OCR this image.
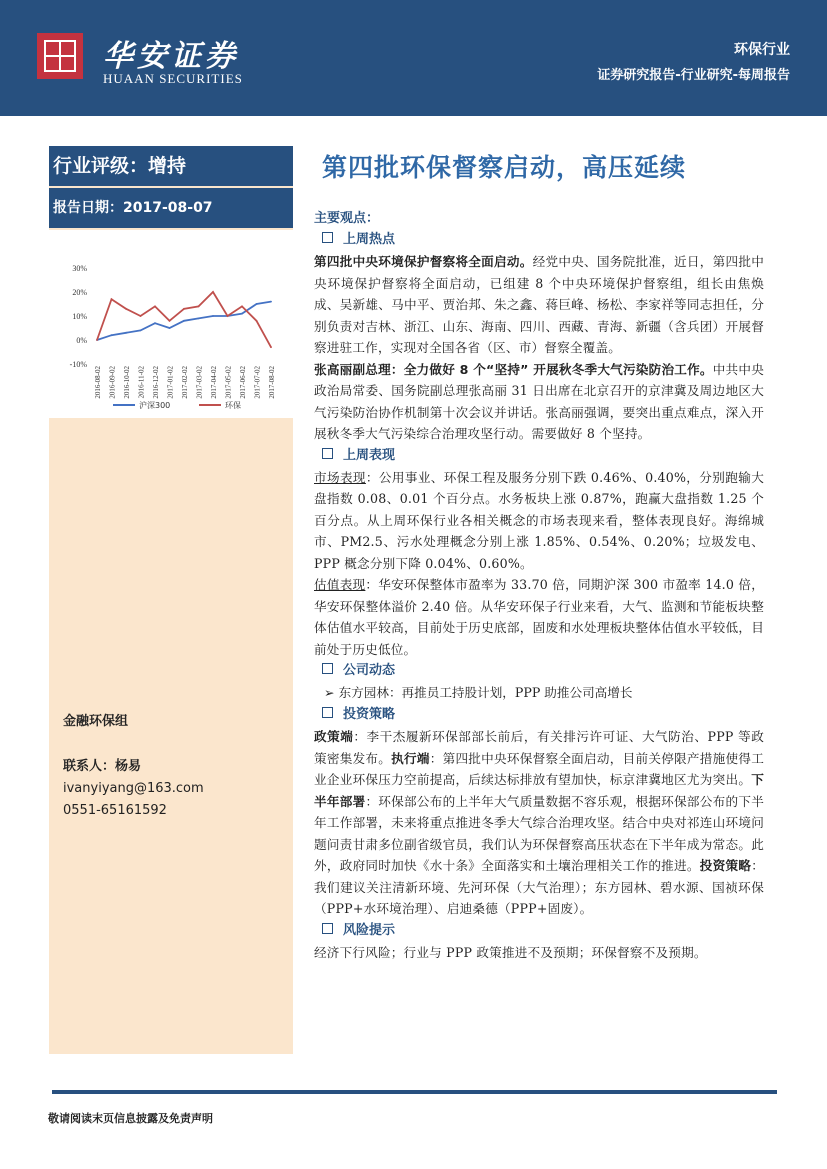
华安证券
HUAAN SECURITIES
环保行业
证券研究报告-行业研究-每周报告
行业评级：增持
报告日期：2017-08-07
30%
20%
10%
0%
-10%
2016-08-02 2016-09-02 2016-10-02 2016-11-02 2016-12-02 2017-01-02 2017-02-02 2017-03-02 2017-04-02 2017-05-02 2017-06-02 2017-07-02 2017-08-02
沪深300	环保
金融环保组
联系人：杨易
ivanyiyang@163.com
0551-65161592
第四批环保督察启动，高压延续
主要观点：
上周热点

第四批中央环境保护督察将全面启动。经党中央、国务院批准，近日，第四批中央环境保护督察将全面启动，已组建 8 个中央环境保护督察组，组长由焦焕成、吴新雄、马中平、贾治邦、朱之鑫、蒋巨峰、杨松、李家祥等同志担任，分别负责对吉林、浙江、山东、海南、四川、西藏、青海、新疆（含兵团）开展督察进驻工作，实现对全国各省（区、市）督察全覆盖。

张高丽副总理：全力做好 8 个“坚持” 开展秋冬季大气污染防治工作。中共中央政治局常委、国务院副总理张高丽 31 日出席在北京召开的京津冀及周边地区大气污染防治协作机制第十次会议并讲话。张高丽强调，要突出重点难点，深入开展秋冬季大气污染综合治理攻坚行动。需要做好 8 个坚持。

上周表现

市场表现：公用事业、环保工程及服务分别下跌 0.46%、0.40%，分别跑输大盘指数 0.08、0.01 个百分点。水务板块上涨 0.87%，跑赢大盘指数 1.25 个百分点。从上周环保行业各相关概念的市场表现来看，整体表现良好。海绵城市、PM2.5、污水处理概念分别上涨 1.85%、0.54%、0.20%；垃圾发电、PPP 概念分别下降 0.04%、0.60%。

估值表现：华安环保整体市盈率为 33.70 倍，同期沪深 300 市盈率 14.0 倍，华安环保整体溢价 2.40 倍。从华安环保子行业来看，大气、监测和节能板块整体估值水平较高，目前处于历史底部，固废和水处理板块整体估值水平较低，目前处于历史低位。

公司动态
➢ 东方园林：再推员工持股计划，PPP 助推公司高增长
投资策略

政策端：李干杰履新环保部部长前后，有关排污许可证、大气防治、PPP 等政策密集发布。执行端：第四批中央环保督察全面启动，目前关停限产措施使得工业企业环保压力空前提高，后续达标排放有望加快，标京津冀地区尤为突出。下半年部署：环保部公布的上半年大气质量数据不容乐观，根据环保部公布的下半年工作部署，未来将重点推进冬季大气综合治理攻坚。结合中央对祁连山环境问题问责甘肃多位副省级官员，我们认为环保督察高压状态在下半年成为常态。此外，政府同时加快《水十条》全面落实和土壤治理相关工作的推进。投资策略：我们建议关注清新环境、先河环保（大气治理）；东方园林、碧水源、国祯环保（PPP+水环境治理）、启迪桑德（PPP+固废）。

风险提示

经济下行风险；行业与 PPP 政策推进不及预期；环保督察不及预期。

敬请阅读末页信息披露及免责声明
